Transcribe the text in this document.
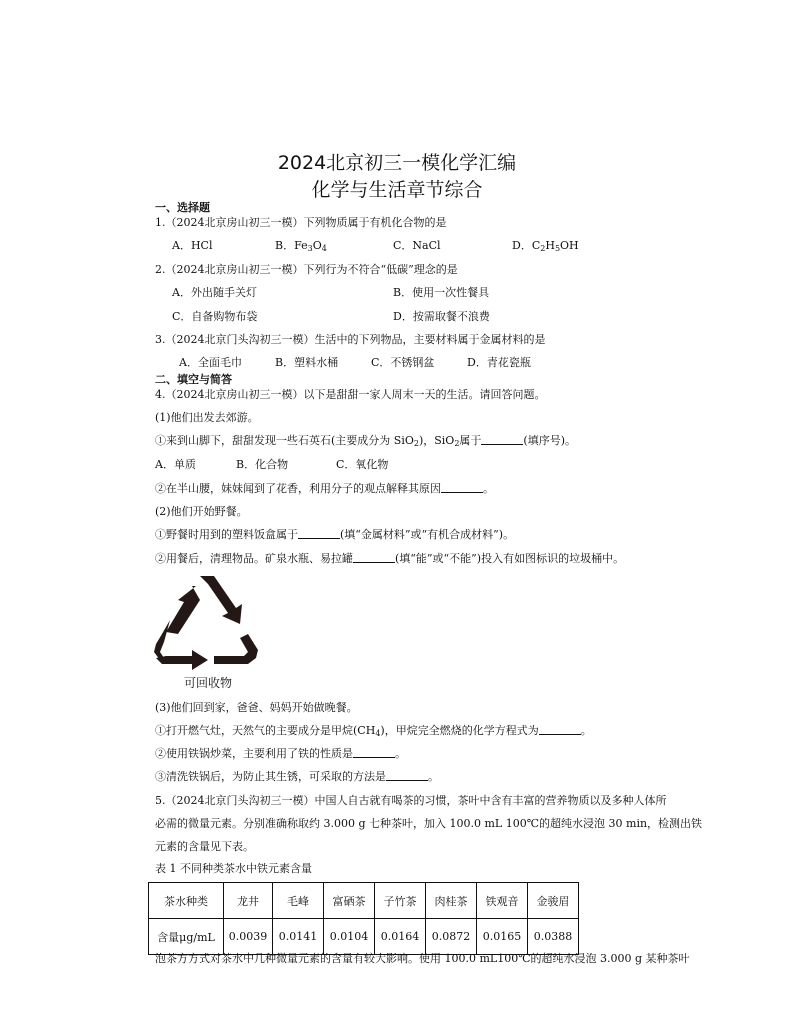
2024北京初三一模化学汇编
化学与生活章节综合
一、选择题
1.（2024北京房山初三一模）下列物质属于有机化合物的是
A．HCl	B．$Fe_3O_4$	C．NaCl	D．$C_2H_5OH$
2.（2024北京房山初三一模）下列行为不符合“低碳”理念的是
A．外出随手关灯	B．使用一次性餐具
C．自备购物布袋	D．按需取餐不浪费
3.（2024北京门头沟初三一模）生活中的下列物品，主要材料属于金属材料的是
A．全面毛巾	B．塑料水桶	C．不锈钢盆	D．青花瓷瓶
二、填空与简答
4.（2024北京房山初三一模）以下是甜甜一家人周末一天的生活。请回答问题。
(1)他们出发去郊游。
①来到山脚下，甜甜发现一些石英石(主要成分为 SiO$_2$)，SiO$_2$属于	(填序号)。
A．单质	B．化合物	C．氧化物
②在半山腰，妹妹闻到了花香，利用分子的观点解释其原因	。
(2)他们开始野餐。
①野餐时用到的塑料饭盒属于	(填“金属材料”或“有机合成材料”)。
②用餐后，清理物品。矿泉水瓶、易拉罐	(填“能”或“不能”)投入有如图标识的垃圾桶中。
可回收物
(3)他们回到家，爸爸、妈妈开始做晚餐。
①打开燃气灶，天然气的主要成分是甲烷$(CH_4)$，甲烷完全燃烧的化学方程式为	。
②使用铁锅炒菜，主要利用了铁的性质是	。
③清洗铁锅后，为防止其生锈，可采取的方法是	。
5.（2024北京门头沟初三一模）中国人自古就有喝茶的习惯，茶叶中含有丰富的营养物质以及多种人体所
必需的微量元素。分别准确称取约 3.000 g 七种茶叶，加入 100.0 mL 100℃的超纯水浸泡 30 min，检测出铁
元素的含量见下表。
表 1 不同种类茶水中铁元素含量
茶水种类	龙井	毛峰	富硒茶	子竹茶	肉桂茶	铁观音	金骏眉
含量μg/mL	0.0039	0.0141	0.0104	0.0164	0.0872	0.0165	0.0388
泡茶方方式对茶水中几种微量元素的含量有较大影响。使用 100.0 mL100℃的超纯水浸泡 3.000 g 某种茶叶
